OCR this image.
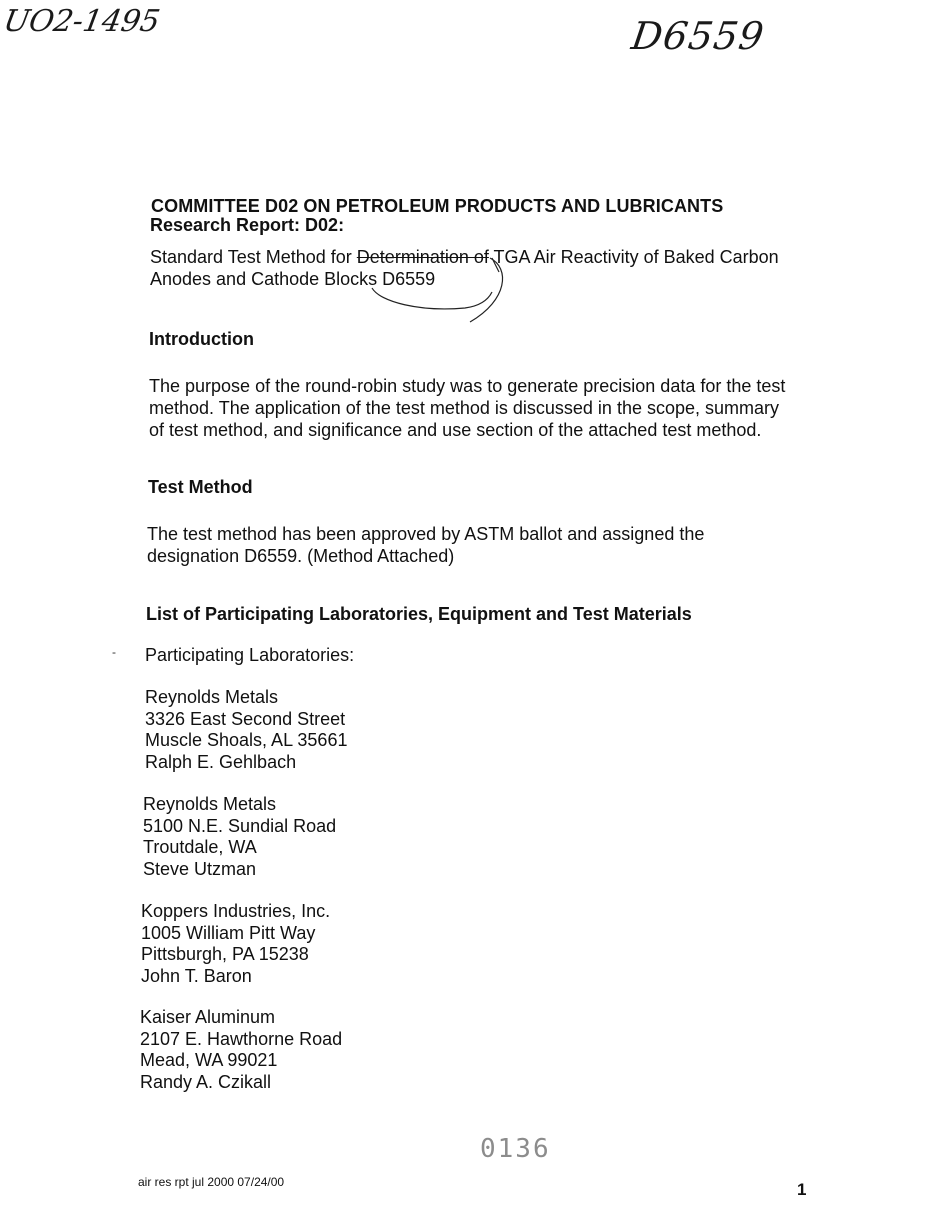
UO2-1495	D6559
COMMITTEE D02 ON PETROLEUM PRODUCTS AND LUBRICANTS
Research Report: D02:
Standard Test Method for Determination of TGA Air Reactivity of Baked Carbon
Anodes and Cathode Blocks D6559
Introduction
The purpose of the round-robin study was to generate precision data for the test
method. The application of the test method is discussed in the scope, summary
of test method, and significance and use section of the attached test method.
Test Method
The test method has been approved by ASTM ballot and assigned the
designation D6559. (Method Attached)
List of Participating Laboratories, Equipment and Test Materials
- Participating Laboratories:
Reynolds Metals
3326 East Second Street
Muscle Shoals, AL 35661
Ralph E. Gehlbach
Reynolds Metals
5100 N.E. Sundial Road
Troutdale, WA
Steve Utzman
Koppers Industries, Inc.
1005 William Pitt Way
Pittsburgh, PA 15238
John T. Baron
Kaiser Aluminum
2107 E. Hawthorne Road
Mead, WA 99021
Randy A. Czikall
0136
air res rpt jul 2000 07/24/00	1
